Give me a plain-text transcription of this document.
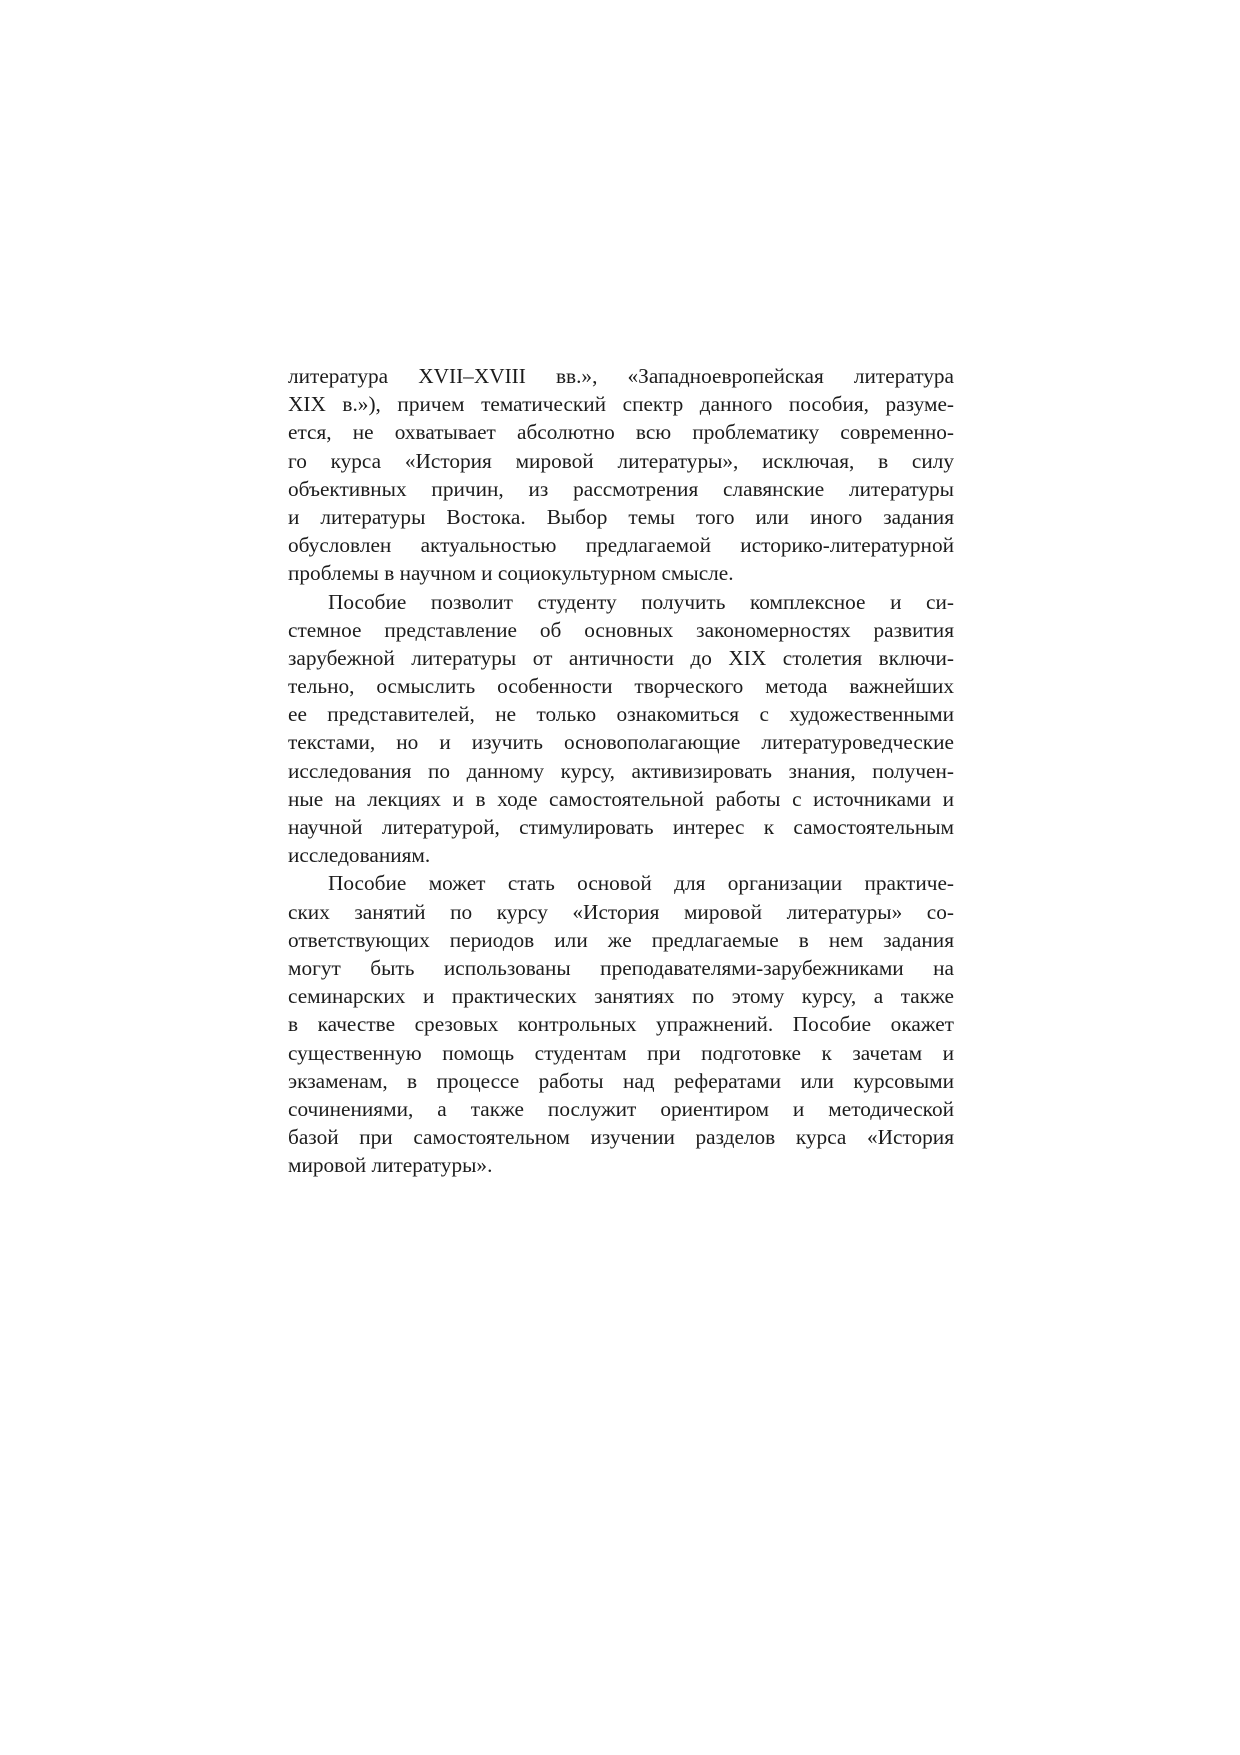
литература XVII–XVIII вв.», «Западноевропейская литература
XIX в.»), причем тематический спектр данного пособия, разуме-
ется, не охватывает абсолютно всю проблематику современно-
го курса «История мировой литературы», исключая, в силу
объективных причин, из рассмотрения славянские литературы
и литературы Востока. Выбор темы того или иного задания
обусловлен актуальностью предлагаемой историко-литературной
проблемы в научном и социокультурном смысле.
Пособие позволит студенту получить комплексное и си-
стемное представление об основных закономерностях развития
зарубежной литературы от античности до XIX столетия включи-
тельно, осмыслить особенности творческого метода важнейших
ее представителей, не только ознакомиться с художественными
текстами, но и изучить основополагающие литературоведческие
исследования по данному курсу, активизировать знания, получен-
ные на лекциях и в ходе самостоятельной работы с источниками и
научной литературой, стимулировать интерес к самостоятельным
исследованиям.
Пособие может стать основой для организации практиче-
ских занятий по курсу «История мировой литературы» со-
ответствующих периодов или же предлагаемые в нем задания
могут быть использованы преподавателями-зарубежниками на
семинарских и практических занятиях по этому курсу, а также
в качестве срезовых контрольных упражнений. Пособие окажет
существенную помощь студентам при подготовке к зачетам и
экзаменам, в процессе работы над рефератами или курсовыми
сочинениями, а также послужит ориентиром и методической
базой при самостоятельном изучении разделов курса «История
мировой литературы».
